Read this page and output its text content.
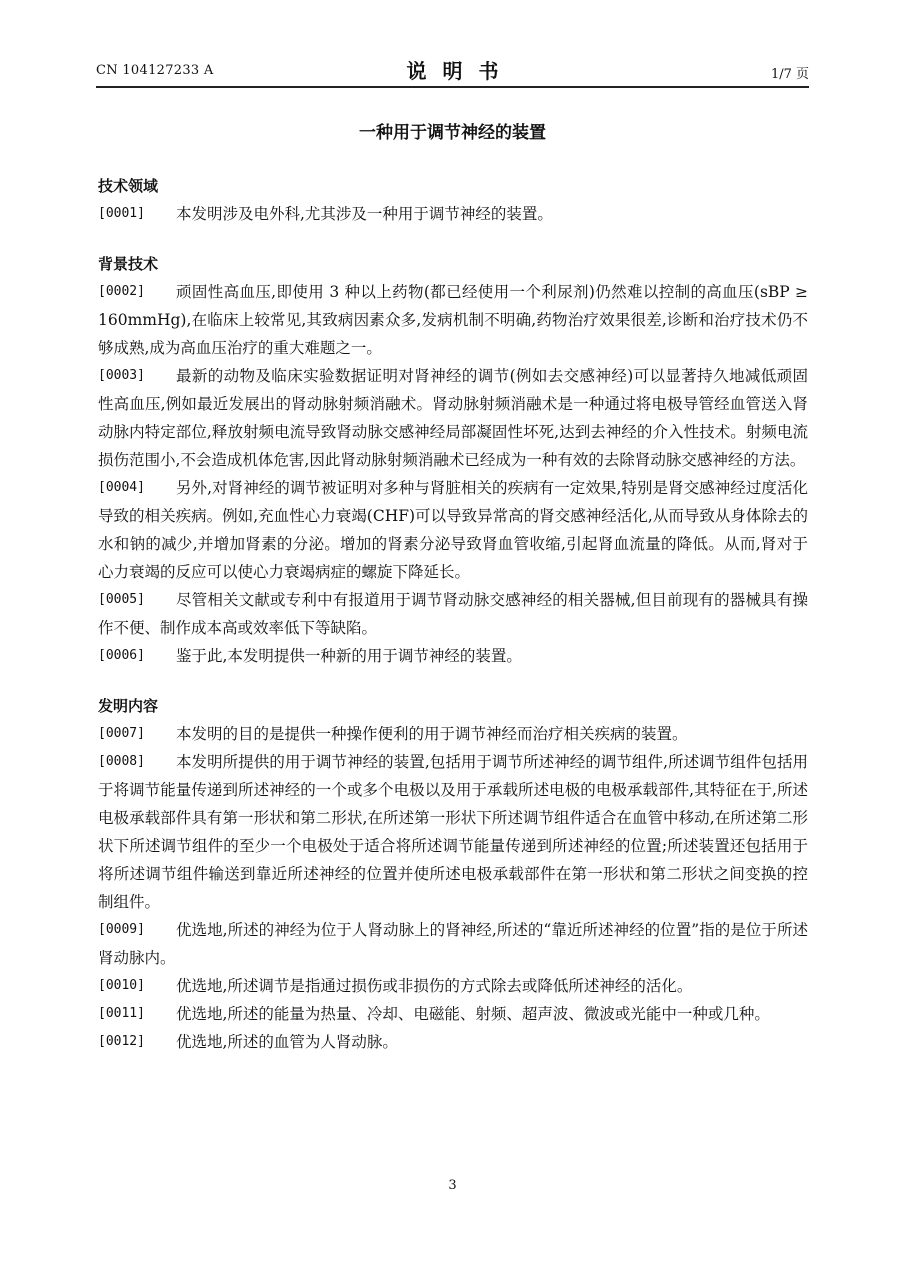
CN 104127233 A	说明书	1/7 页
一种用于调节神经的装置
技术领域
[0001] 本发明涉及电外科,尤其涉及一种用于调节神经的装置。
背景技术
[0002] 顽固性高血压,即使用 3 种以上药物(都已经使用一个利尿剂)仍然难以控制的高血压(sBP ≥ 160mmHg),在临床上较常见,其致病因素众多,发病机制不明确,药物治疗效果很差,诊断和治疗技术仍不够成熟,成为高血压治疗的重大难题之一。
[0003] 最新的动物及临床实验数据证明对肾神经的调节(例如去交感神经)可以显著持久地减低顽固性高血压,例如最近发展出的肾动脉射频消融术。肾动脉射频消融术是一种通过将电极导管经血管送入肾动脉内特定部位,释放射频电流导致肾动脉交感神经局部凝固性坏死,达到去神经的介入性技术。射频电流损伤范围小,不会造成机体危害,因此肾动脉射频消融术已经成为一种有效的去除肾动脉交感神经的方法。
[0004] 另外,对肾神经的调节被证明对多种与肾脏相关的疾病有一定效果,特别是肾交感神经过度活化导致的相关疾病。例如,充血性心力衰竭(CHF)可以导致异常高的肾交感神经活化,从而导致从身体除去的水和钠的减少,并增加肾素的分泌。增加的肾素分泌导致肾血管收缩,引起肾血流量的降低。从而,肾对于心力衰竭的反应可以使心力衰竭病症的螺旋下降延长。
[0005] 尽管相关文献或专利中有报道用于调节肾动脉交感神经的相关器械,但目前现有的器械具有操作不便、制作成本高或效率低下等缺陷。
[0006] 鉴于此,本发明提供一种新的用于调节神经的装置。
发明内容
[0007] 本发明的目的是提供一种操作便利的用于调节神经而治疗相关疾病的装置。
[0008] 本发明所提供的用于调节神经的装置,包括用于调节所述神经的调节组件,所述调节组件包括用于将调节能量传递到所述神经的一个或多个电极以及用于承载所述电极的电极承载部件,其特征在于,所述电极承载部件具有第一形状和第二形状,在所述第一形状下所述调节组件适合在血管中移动,在所述第二形状下所述调节组件的至少一个电极处于适合将所述调节能量传递到所述神经的位置;所述装置还包括用于将所述调节组件输送到靠近所述神经的位置并使所述电极承载部件在第一形状和第二形状之间变换的控制组件。
[0009] 优选地,所述的神经为位于人肾动脉上的肾神经,所述的“靠近所述神经的位置”指的是位于所述肾动脉内。
[0010] 优选地,所述调节是指通过损伤或非损伤的方式除去或降低所述神经的活化。
[0011] 优选地,所述的能量为热量、冷却、电磁能、射频、超声波、微波或光能中一种或几种。
[0012] 优选地,所述的血管为人肾动脉。
3
